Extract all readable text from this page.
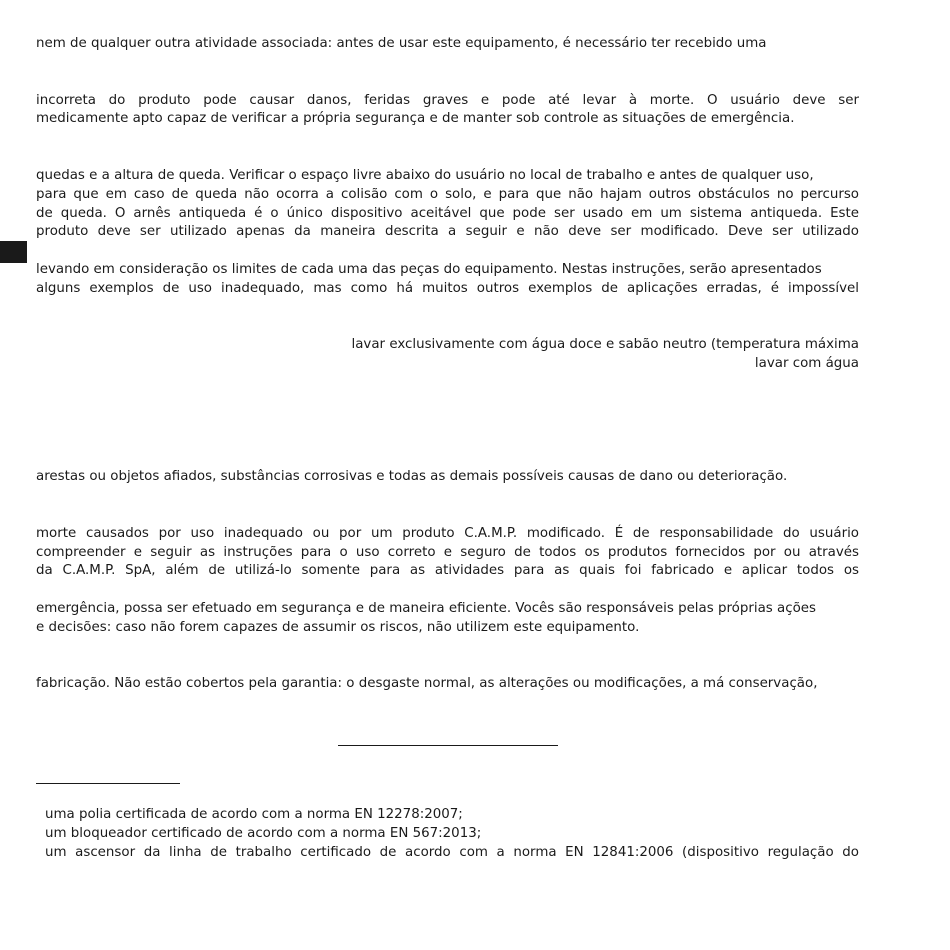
nem de qualquer outra atividade associada: antes de usar este equipamento, é necessário ter recebido uma
incorreta do produto pode causar danos, feridas graves e pode até levar à morte. O usuário deve ser
medicamente apto capaz de verificar a própria segurança e de manter sob controle as situações de emergência.
quedas e a altura de queda. Verificar o espaço livre abaixo do usuário no local de trabalho e antes de qualquer uso,
para que em caso de queda não ocorra a colisão com o solo, e para que não hajam outros obstáculos no percurso
de queda. O arnês antiqueda é o único dispositivo aceitável que pode ser usado em um sistema antiqueda. Este
produto deve ser utilizado apenas da maneira descrita a seguir e não deve ser modificado. Deve ser utilizado
levando em consideração os limites de cada uma das peças do equipamento. Nestas instruções, serão apresentados
alguns exemplos de uso inadequado, mas como há muitos outros exemplos de aplicações erradas, é impossível
lavar exclusivamente com água doce e sabão neutro (temperatura máxima
lavar com água
arestas ou objetos afiados, substâncias corrosivas e todas as demais possíveis causas de dano ou deterioração.
morte causados por uso inadequado ou por um produto C.A.M.P. modificado. É de responsabilidade do usuário
compreender e seguir as instruções para o uso correto e seguro de todos os produtos fornecidos por ou através
da C.A.M.P. SpA, além de utilizá-lo somente para as atividades para as quais foi fabricado e aplicar todos os
emergência, possa ser efetuado em segurança e de maneira eficiente. Vocês são responsáveis pelas próprias ações
e decisões: caso não forem capazes de assumir os riscos, não utilizem este equipamento.
fabricação. Não estão cobertos pela garantia: o desgaste normal, as alterações ou modificações, a má conservação,
uma polia certificada de acordo com a norma EN 12278:2007;
um bloqueador certificado de acordo com a norma EN 567:2013;
um ascensor da linha de trabalho certificado de acordo com a norma EN 12841:2006 (dispositivo regulação do
